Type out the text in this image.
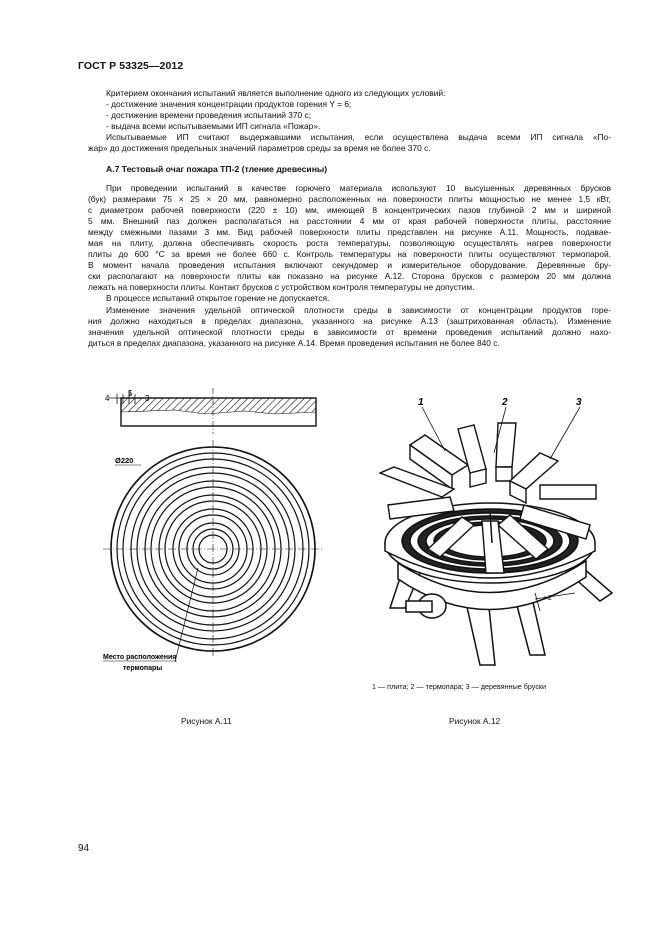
ГОСТ Р 53325—2012
Критерием окончания испытаний является выполнение одного из следующих условий:
- достижение значения концентрации продуктов горения Y = 6;
- достижение времени проведения испытаний 370 с;
- выдача всеми испытываемыми ИП сигнала «Пожар».
Испытываемые ИП считают выдержавшими испытания, если осуществлена выдача всеми ИП сигнала «По-
жар» до достижения предельных значений параметров среды за время не более 370 с.
А.7 Тестовый очаг пожара ТП-2 (тление древесины)
При проведении испытаний в качестве горючего материала используют 10 высушенных деревянных брусков
(бук) размерами 75 × 25 × 20 мм, равномерно расположенных на поверхности плиты мощностью не менее 1,5 кВт,
с диаметром рабочей поверхности (220 ± 10) мм, имеющей 8 концентрических пазов глубиной 2 мм и шириной
5 мм. Внешний паз должен располагаться на расстоянии 4 мм от края рабочей поверхности плиты, расстояние
между смежными пазами 3 мм. Вид рабочей поверхности плиты представлен на рисунке А.11. Мощность, подавае-
мая на плиту, должна обеспечивать скорость роста температуры, позволяющую осуществлять нагрев поверхности
плиты до 600 °С за время не более 660 с. Контроль температуры на поверхности плиты осуществляют термопарой.
В момент начала проведения испытания включают секундомер и измерительное оборудование. Деревянные бру-
ски располагают на поверхности плиты как показано на рисунке А.12. Сторона брусков с размером 20 мм должна
лежать на поверхности плиты. Контакт брусков с устройством контроля температуры не допустим.
В процессе испытаний открытое горение не допускается.
Изменение значения удельной оптической плотности среды в зависимости от концентрации продуктов горе-
ния должно находиться в пределах диапазона, указанного на рисунке А.13 (заштрихованная область). Изменение
значения удельной оптической плотности среды в зависимости от времени проведения испытаний должно нахо-
диться в пределах диапазона, указанного на рисунке А.14. Время проведения испытания не более 840 с.
4
5
Ø220
Место расположения
термопары
1	2	3
≈2
1 — плита; 2 — термопара; 3 — деревянные бруски
Рисунок А.11	Рисунок А.12
94
